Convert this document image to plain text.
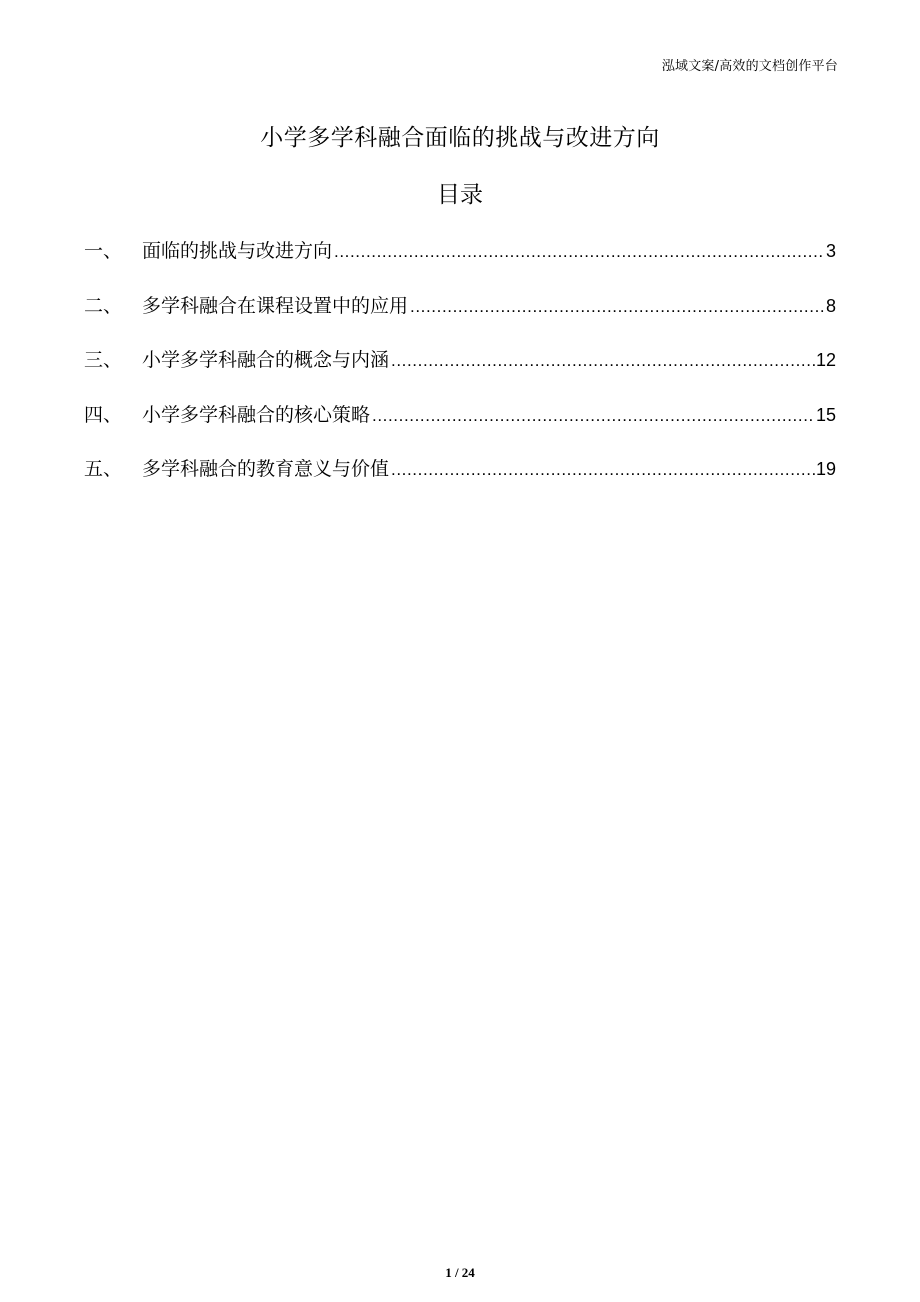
泓域文案/高效的文档创作平台
小学多学科融合面临的挑战与改进方向
目录
一、	面临的挑战与改进方向 .....	3
二、	多学科融合在课程设置中的应用 .....	8
三、	小学多学科融合的概念与内涵 .....	12
四、	小学多学科融合的核心策略 .....	15
五、	多学科融合的教育意义与价值 .....	19
1 / 24
